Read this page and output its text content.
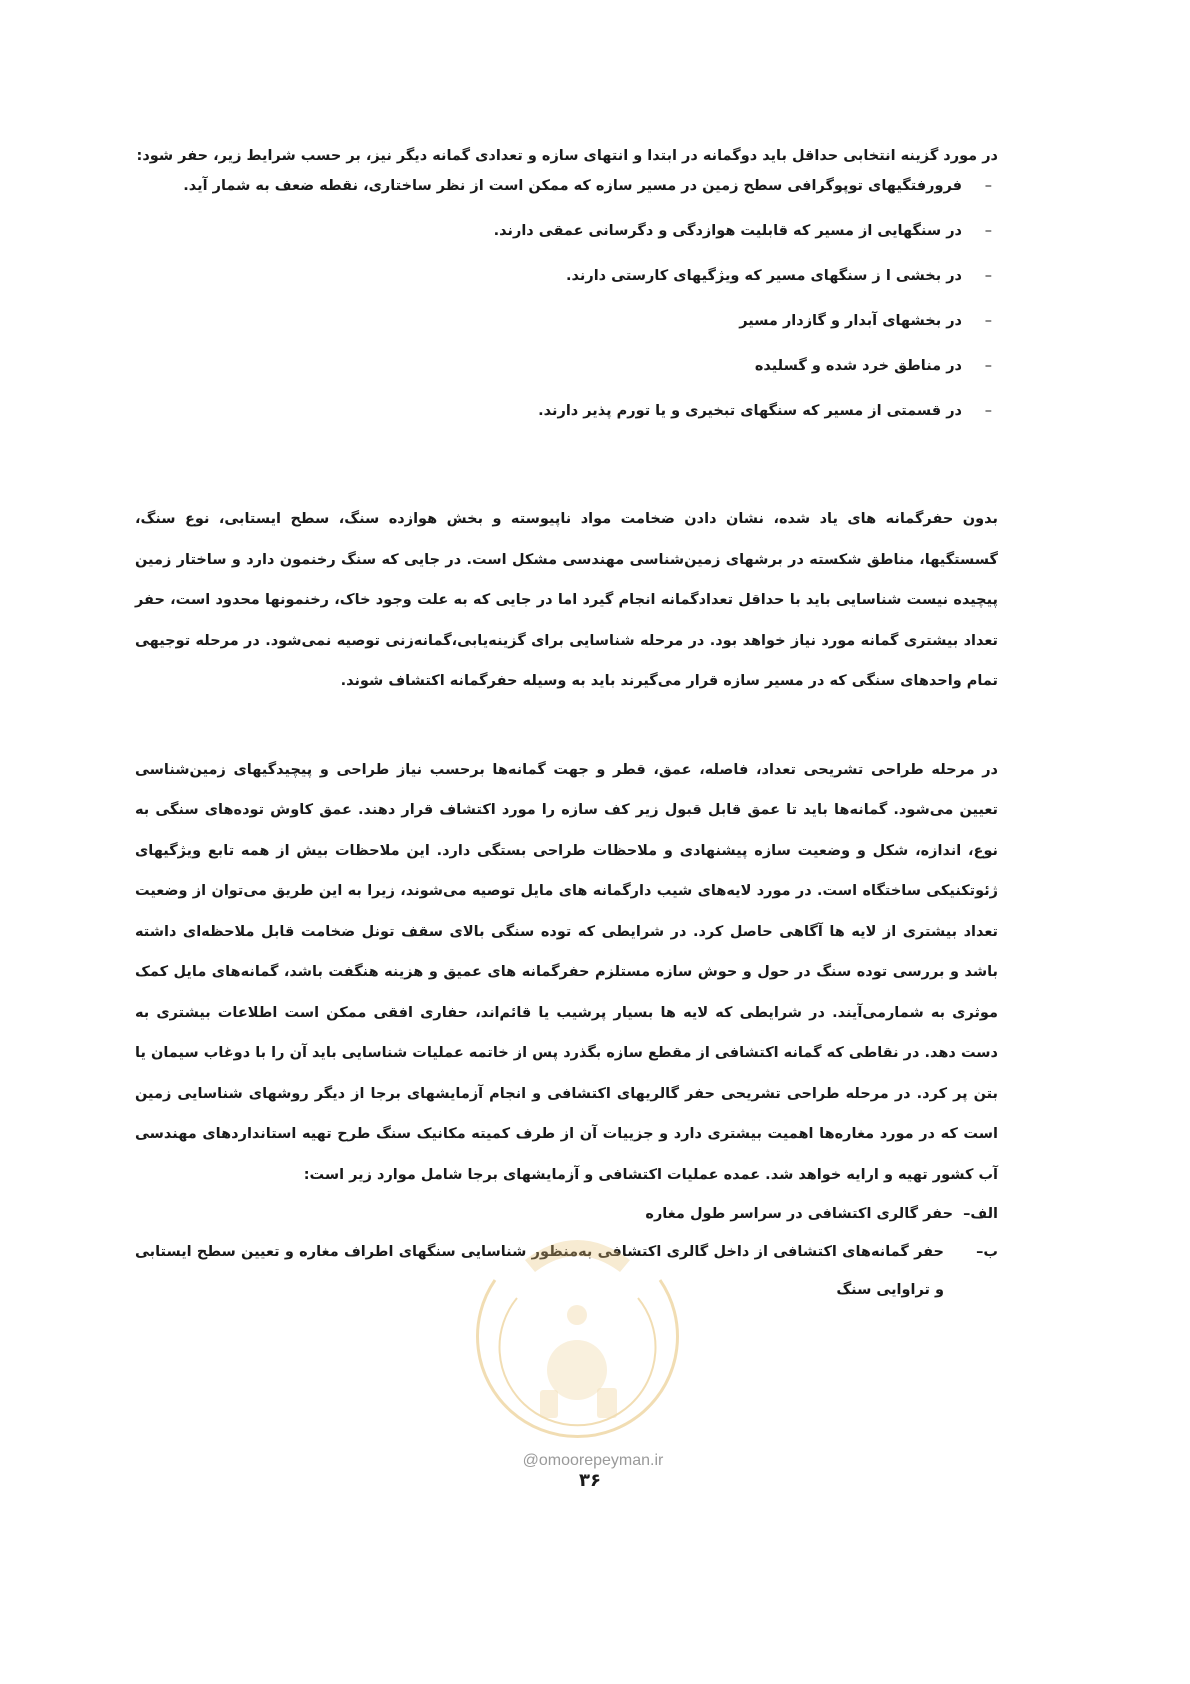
در مورد گزینه انتخابی حداقل باید دوگمانه در ابتدا و انتهای سازه و تعدادی گمانه دیگر نیز، بر حسب شرایط زیر، حفر شود:

–
فرورفتگیهای توپوگرافی سطح زمین در مسیر سازه که ممکن است از نظر ساختاری، نقطه ضعف به شمار آید.
–
در سنگهایی از مسیر که قابلیت هوازدگی و دگرسانی عمقی دارند.
–
در بخشی ا ز سنگهای مسیر که ویژگیهای کارستی دارند.
–
در بخشهای آبدار و گازدار مسیر
–
در مناطق خرد شده و گسلیده
–
در قسمتی از مسیر که سنگهای تبخیری و یا تورم پذیر دارند.

بدون حفرگمانه های یاد شده، نشان دادن ضخامت مواد ناپیوسته و بخش هوازده سنگ، سطح ایستابی، نوع سنگ، گسستگیها، مناطق شکسته در برشهای زمین‌شناسی مهندسی مشکل است. در جایی که سنگ رخنمون دارد و ساختار زمین پیچیده نیست شناسایی باید با حداقل تعدادگمانه انجام گیرد اما در جایی که به علت وجود خاک، رخنمونها محدود است، حفر تعداد بیشتری گمانه مورد نیاز خواهد بود. در مرحله شناسایی برای گزینه‌یابی،گمانه‌زنی توصیه نمی‌شود. در مرحله توجیهی تمام واحدهای سنگی که در مسیر سازه قرار می‌گیرند باید به وسیله حفرگمانه اکتشاف شوند.

در مرحله طراحی تشریحی تعداد، فاصله، عمق، قطر و جهت گمانه‌ها برحسب نیاز طراحی و پیچیدگیهای زمین‌شناسی تعیین می‌شود. گمانه‌ها باید تا عمق قابل قبول زیر کف سازه را مورد اکتشاف قرار دهند. عمق کاوش توده‌های سنگی به نوع، اندازه، شکل و وضعیت سازه پیشنهادی و ملاحظات طراحی بستگی دارد. این ملاحظات بیش از همه تابع ویژگیهای ژئوتکنیکی ساختگاه است. در مورد لایه‌های شیب دارگمانه های مایل توصیه می‌شوند، زیرا به این طریق می‌توان از وضعیت تعداد بیشتری از لایه ها آگاهی حاصل کرد. در شرایطی که توده سنگی بالای سقف تونل ضخامت قابل ملاحظه‌ای داشته باشد و بررسی توده سنگ در حول و حوش سازه مستلزم حفرگمانه های عمیق و هزینه هنگفت باشد، گمانه‌های مایل کمک موثری به شمارمی‌آیند. در شرایطی که لایه ها بسیار پرشیب یا قائم‌اند، حفاری افقی ممکن است اطلاعات بیشتری به دست دهد. در نقاطی که گمانه اکتشافی از مقطع سازه بگذرد پس از خاتمه عملیات شناسایی باید آن را با دوغاب سیمان یا بتن پر کرد. در مرحله طراحی تشریحی حفر گالریهای اکتشافی و انجام آزمایشهای برجا از دیگر روشهای شناسایی زمین است که در مورد مغاره‌ها اهمیت بیشتری دارد و جزییات آن از طرف کمیته مکانیک سنگ طرح تهیه استانداردهای مهندسی آب کشور تهیه و ارایه خواهد شد. عمده عملیات اکتشافی و آزمایشهای برجا شامل موارد زیر است:

الف–
حفر گالری اکتشافی در سراسر طول مغاره
ب–
حفر گمانه‌های اکتشافی از داخل گالری اکتشافی به‌منظور شناسایی سنگهای اطراف مغاره و تعیین سطح ایستابی و تراوایی سنگ
@omoorepeyman.ir
۳۶
